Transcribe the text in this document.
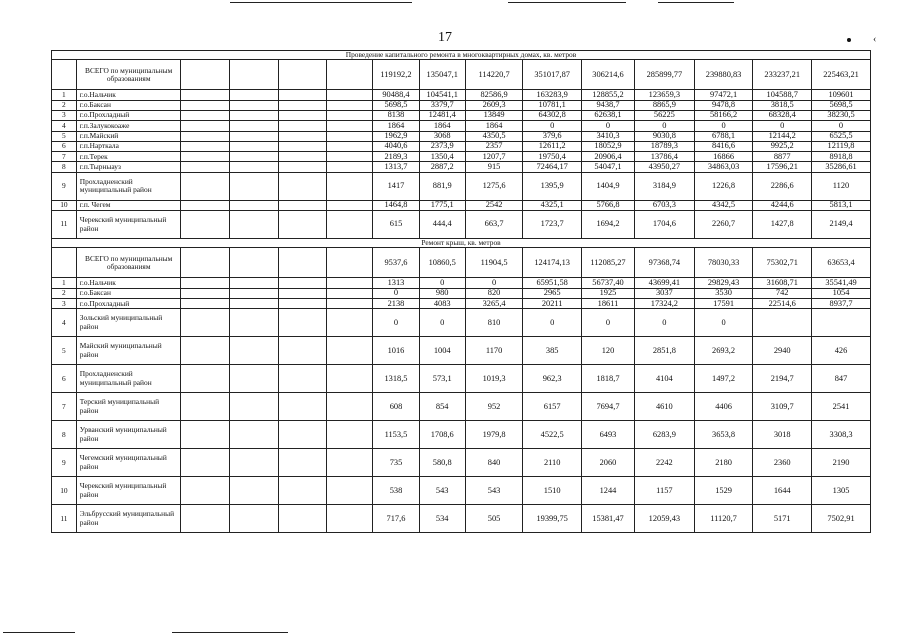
17	‹
Проведение капитального ремонта в многоквартирных домах, кв. метров														
	ВСЕГО по муниципальным образованиям					119192,2	135047,1	114220,7	351017,87	306214,6	285899,77	239880,83	233237,21	225463,21
1	г.о.Нальчик					90488,4	104541,1	82586,9	163283,9	128855,2	123659,3	97472,1	104588,7	109601
2	г.о.Баксан					5698,5	3379,7	2609,3	10781,1	9438,7	8865,9	9478,8	3818,5	5698,5
3	г.о.Прохладный					8138	12481,4	13849	64302,8	62638,1	56225	58166,2	68328,4	38230,5
4	г.п.Залукокоаже					1864	1864	1864	0	0	0	0	0	0
5	г.п.Майский					1962,9	3068	4350,5	379,6	3410,3	9030,8	6788,1	12144,2	6525,5
6	г.п.Нарткала					4040,6	2373,9	2357	12611,2	18052,9	18789,3	8416,6	9925,2	12119,8
7	г.п.Терек					2189,3	1350,4	1207,7	19750,4	20906,4	13786,4	16866	8877	8918,8
8	г.п.Тырныауз					1313,7	2887,2	915	72464,17	54047,1	43950,27	34863,03	17596,21	35286,61
9	Прохладненский муниципальный район					1417	881,9	1275,6	1395,9	1404,9	3184,9	1226,8	2286,6	1120
10	г.п. Чегем					1464,8	1775,1	2542	4325,1	5766,8	6703,3	4342,5	4244,6	5813,1
11	Черекский муниципальный район					615	444,4	663,7	1723,7	1694,2	1704,6	2260,7	1427,8	2149,4
Ремонт крыш, кв. метров														
	ВСЕГО по муниципальным образованиям					9537,6	10860,5	11904,5	124174,13	112085,27	97368,74	78030,33	75302,71	63653,4
1	г.о.Нальчик					1313	0	0	65951,58	56737,40	43699,41	29829,43	31608,71	35541,49
2	г.о.Баксан					0	980	820	2965	1925	3037	3530	742	1054
3	г.о.Прохладный					2138	4083	3265,4	20211	18611	17324,2	17591	22514,6	8937,7
4	Зольский муниципальный район					0	0	810	0	0	0	0		
5	Майский муниципальный район					1016	1004	1170	385	120	2851,8	2693,2	2940	426
6	Прохладненский муниципальный район					1318,5	573,1	1019,3	962,3	1818,7	4104	1497,2	2194,7	847
7	Терский муниципальный район					608	854	952	6157	7694,7	4610	4406	3109,7	2541
8	Урванский муниципальный район					1153,5	1708,6	1979,8	4522,5	6493	6283,9	3653,8	3018	3308,3
9	Чегемский муниципальный район					735	580,8	840	2110	2060	2242	2180	2360	2190
10	Черекский муниципальный район					538	543	543	1510	1244	1157	1529	1644	1305
11	Эльбрусский муниципальный район					717,6	534	505	19399,75	15381,47	12059,43	11120,7	5171	7502,91
